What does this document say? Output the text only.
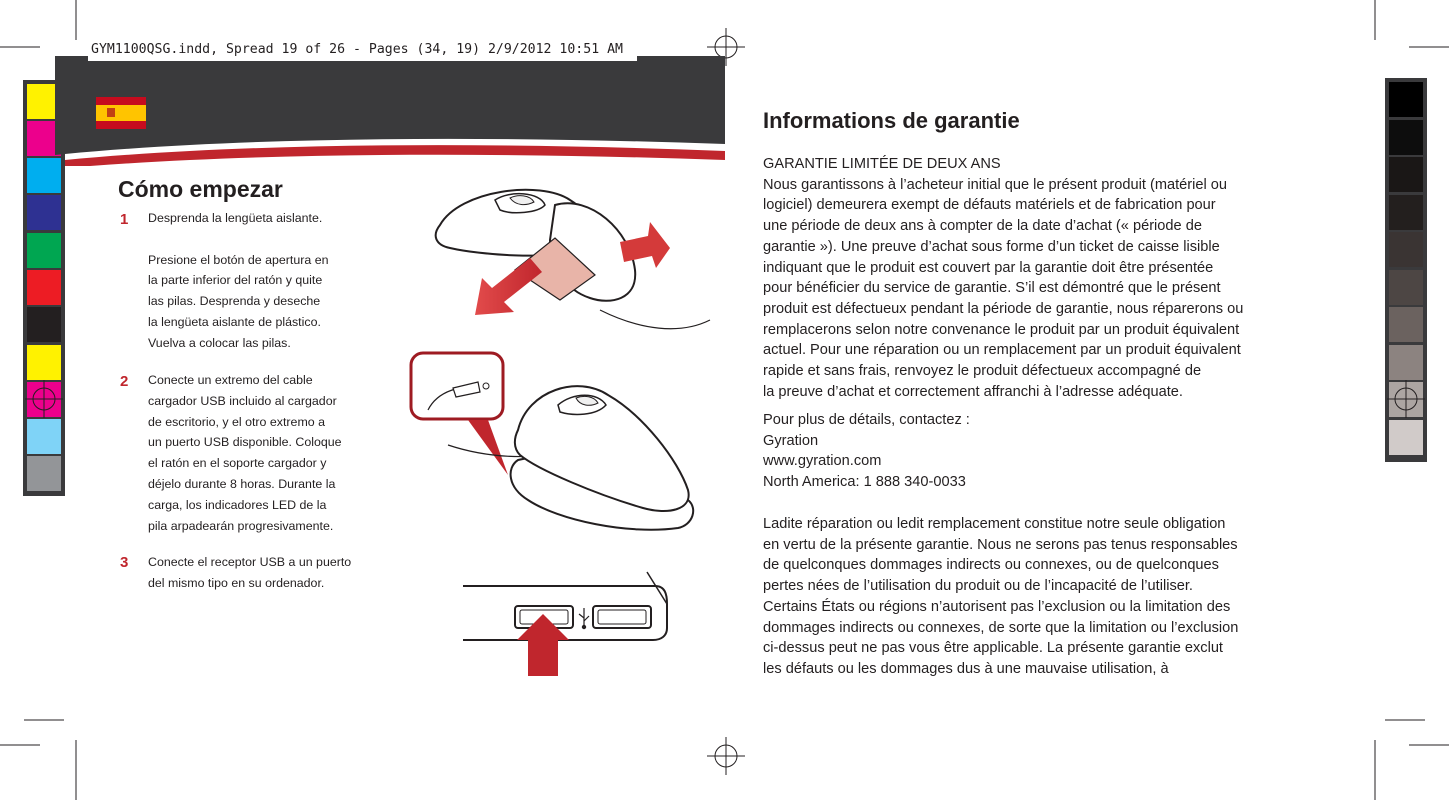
GYM1100QSG.indd, Spread 19 of 26 - Pages (34, 19) 2/9/2012 10:51 AM
Cómo empezar
1 Desprenda la lengüeta aislante.

Presione el botón de apertura en
la parte inferior del ratón y quite
las pilas. Desprenda y deseche
la lengüeta aislante de plástico.
Vuelva a colocar las pilas.
2 Conecte un extremo del cable
cargador USB incluido al cargador
de escritorio, y el otro extremo a
un puerto USB disponible. Coloque
el ratón en el soporte cargador y
déjelo durante 8 horas. Durante la
carga, los indicadores LED de la
pila arpadearán progresivamente.
3 Conecte el receptor USB a un puerto
del mismo tipo en su ordenador.
Informations de garantie
GARANTIE LIMITÉE DE DEUX ANS
Nous garantissons à l’acheteur initial que le présent produit (matériel ou
logiciel) demeurera exempt de défauts matériels et de fabrication pour
une période de deux ans à compter de la date d’achat (« période de
garantie »). Une preuve d’achat sous forme d’un ticket de caisse lisible
indiquant que le produit est couvert par la garantie doit être présentée
pour bénéficier du service de garantie. S’il est démontré que le présent
produit est défectueux pendant la période de garantie, nous réparerons ou
remplacerons selon notre convenance le produit par un produit équivalent
actuel. Pour une réparation ou un remplacement par un produit équivalent
rapide et sans frais, renvoyez le produit défectueux accompagné de
la preuve d’achat et correctement affranchi à l’adresse adéquate.
Pour plus de détails, contactez :
Gyration
www.gyration.com
North America: 1 888 340-0033
Ladite réparation ou ledit remplacement constitue notre seule obligation
en vertu de la présente garantie. Nous ne serons pas tenus responsables
de quelconques dommages indirects ou connexes, ou de quelconques
pertes nées de l’utilisation du produit ou de l’incapacité de l’utiliser.
Certains États ou régions n’autorisent pas l’exclusion ou la limitation des
dommages indirects ou connexes, de sorte que la limitation ou l’exclusion
ci-dessus peut ne pas vous être applicable. La présente garantie exclut
les défauts ou les dommages dus à une mauvaise utilisation, à
